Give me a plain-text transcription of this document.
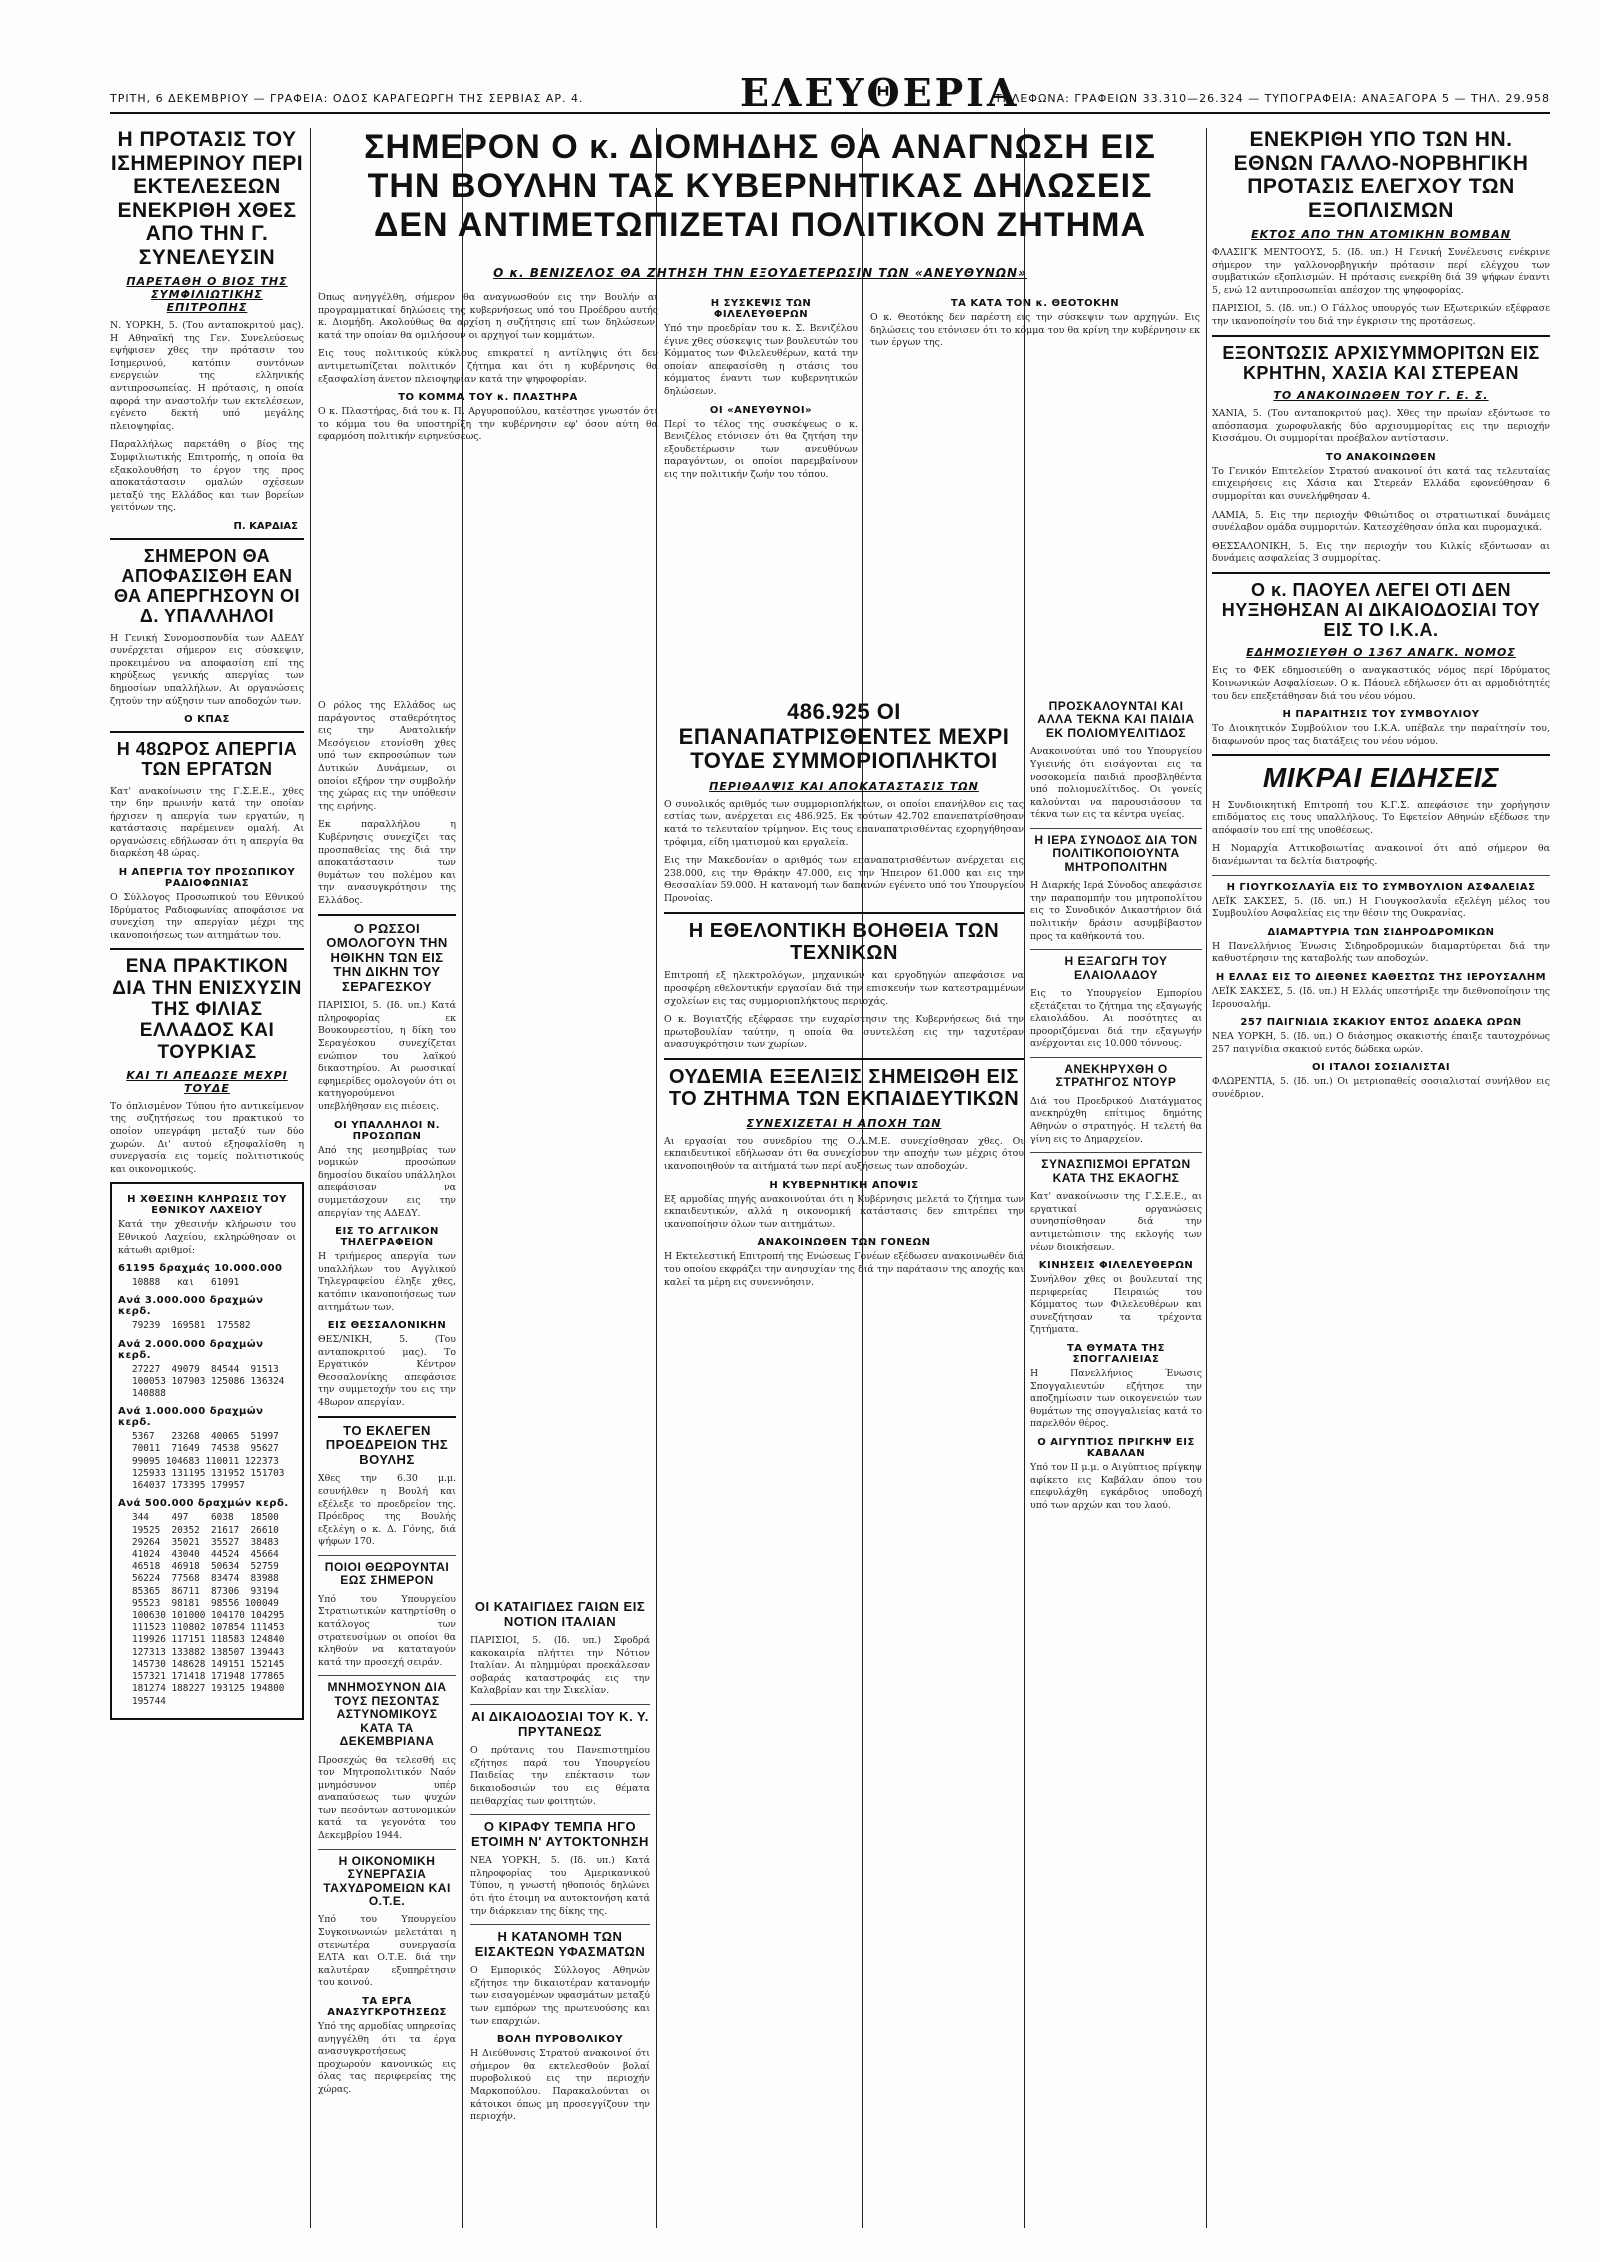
ΤΡΙΤΗ, 6 ΔΕΚΕΜΒΡΙΟΥ — ΓΡΑΦΕΙΑ: ΟΔΟΣ ΚΑΡΑΓΕΩΡΓΗ ΤΗΣ ΣΕΡΒΙΑΣ ΑΡ. 4.	ΕΛΕΥΘΕΡΙΑ
ΤΗΛΕΦΩΝΑ: ΓΡΑΦΕΙΩΝ 33.310—26.324 — ΤΥΠΟΓΡΑΦΕΙΑ: ΑΝΑΞΑΓΟΡΑ 5 — ΤΗΛ. 29.958
Η ΠΡΟΤΑΣΙΣ ΤΟΥ ΙΣΗΜΕΡΙΝΟΥ ΠΕΡΙ ΕΚΤΕΛΕΣΕΩΝ ΕΝΕΚΡΙΘΗ ΧΘΕΣ ΑΠΟ ΤΗΝ Γ. ΣΥΝΕΛΕΥΣΙΝ
ΠΑΡΕΤΑΘΗ Ο ΒΙΟΣ ΤΗΣ ΣΥΜΦΙΛΙΩΤΙΚΗΣ ΕΠΙΤΡΟΠΗΣ

Ν. ΥΟΡΚΗ, 5. (Του ανταποκριτού μας). Η Αθηναϊκή της Γεν. Συνελεύσεως εψήφισεν χθες την πρότασιν του Ισημερινού, κατόπιν συντόνων ενεργειών της ελληνικής αντιπροσωπείας. Η πρότασις, η οποία αφορά την αναστολήν των εκτελέσεων, εγένετο δεκτή υπό μεγάλης πλειοψηφίας.

Παραλλήλως παρετάθη ο βίος της Συμφιλιωτικής Επιτροπής, η οποία θα εξακολουθήση το έργον της προς αποκατάστασιν ομαλών σχέσεων μεταξύ της Ελλάδος και των βορείων γειτόνων της.

Π. ΚΑΡΔΙΑΣ
ΣΗΜΕΡΟΝ ΘΑ ΑΠΟΦΑΣΙΣΘΗ ΕΑΝ ΘΑ ΑΠΕΡΓΗΣΟΥΝ ΟΙ Δ. ΥΠΑΛΛΗΛΟΙ

Η Γενική Συνομοσπονδία των ΑΔΕΔΥ συνέρχεται σήμερον εις σύσκεψιν, προκειμένου να αποφασίση επί της κηρύξεως γενικής απεργίας των δημοσίων υπαλλήλων. Αι οργανώσεις ζητούν την αύξησιν των αποδοχών των.

Ο ΚΠΑΣ
Η 48ΩΡΟΣ ΑΠΕΡΓΙΑ ΤΩΝ ΕΡΓΑΤΩΝ

Κατ' ανακοίνωσιν της Γ.Σ.Ε.Ε., χθες την 6ην πρωινήν κατά την οποίαν ήρχισεν η απεργία των εργατών, η κατάστασις παρέμεινεν ομαλή. Αι οργανώσεις εδήλωσαν ότι η απεργία θα διαρκέση 48 ώρας.

Η ΑΠΕΡΓΙΑ ΤΟΥ ΠΡΟΣΩΠΙΚΟΥ ΡΑΔΙΟΦΩΝΙΑΣ

Ο Σύλλογος Προσωπικού του Εθνικού Ιδρύματος Ραδιοφωνίας αποφάσισε να συνεχίση την απεργίαν μέχρι της ικανοποιήσεως των αιτημάτων του.

ΕΝΑ ΠΡΑΚΤΙΚΟΝ ΔΙΑ ΤΗΝ ΕΝΙΣΧΥΣΙΝ ΤΗΣ ΦΙΛΙΑΣ ΕΛΛΑΔΟΣ ΚΑΙ ΤΟΥΡΚΙΑΣ
ΚΑΙ ΤΙ ΑΠΕΔΩΣΕ ΜΕΧΡΙ ΤΟΥΔΕ

Το όπλισμένον Τύπου ήτο αντικείμενον της συζητήσεως του πρακτικού το οποίον υπεγράφη μεταξύ των δύο χωρών. Δι' αυτού εξησφαλίσθη η συνεργασία εις τομείς πολιτιστικούς και οικονομικούς.

Η ΧΘΕΣΙΝΗ ΚΛΗΡΩΣΙΣ ΤΟΥ ΕΘΝΙΚΟΥ ΛΑΧΕΙΟΥ

Κατά την χθεσινήν κλήρωσιν του Εθνικού Λαχείου, εκληρώθησαν οι κάτωθι αριθμοί:

61195 δραχμάς 10.000.000
10888   και   61091
Ανά 3.000.000 δραχμών κερδ.
79239  169581  175582
Ανά 2.000.000 δραχμών κερδ.
27227  49079  84544  91513
100053 107903 125086 136324
140888
Ανά 1.000.000 δραχμών κερδ.
5367   23268  40065  51997
70011  71649  74538  95627
99095 104683 110011 122373
125933 131195 131952 151703
164037 173395 179957
Ανά 500.000 δραχμών κερδ.
344    497    6038   18500
19525  20352  21617  26610
29264  35021  35527  38483
41024  43040  44524  45664
46518  46918  50634  52759
56224  77568  83474  83988
85365  86711  87306  93194
95523  98181  98556 100049
100630 101000 104170 104295
111523 110802 107854 111453
119926 117151 118583 124840
127313 133882 138507 139443
145730 148628 149151 152145
157321 171418 171948 177865
181274 188227 193125 194800
195744
ΣΗΜΕΡΟΝ Ο κ. ΔΙΟΜΗΔΗΣ ΘΑ ΑΝΑΓΝΩΣΗ ΕΙΣ
ΤΗΝ ΒΟΥΛΗΝ ΤΑΣ ΚΥΒΕΡΝΗΤΙΚΑΣ ΔΗΛΩΣΕΙΣ
ΔΕΝ ΑΝΤΙΜΕΤΩΠΙΖΕΤΑΙ ΠΟΛΙΤΙΚΟΝ ΖΗΤΗΜΑ
Ο κ. ΒΕΝΙΖΕΛΟΣ ΘΑ ΖΗΤΗΣΗ ΤΗΝ ΕΞΟΥΔΕΤΕΡΩΣΙΝ ΤΩΝ «ΑΝΕΥΘΥΝΩΝ»

Όπως ανηγγέλθη, σήμερον θα αναγνωσθούν εις την Βουλήν αι προγραμματικαί δηλώσεις της κυβερνήσεως υπό του Προέδρου αυτής κ. Διομήδη. Ακολούθως θα αρχίση η συζήτησις επί των δηλώσεων, κατά την οποίαν θα ομιλήσουν οι αρχηγοί των κομμάτων.

Εις τους πολιτικούς κύκλους επικρατεί η αντίληψις ότι δεν αντιμετωπίζεται πολιτικόν ζήτημα και ότι η κυβέρνησις θα εξασφαλίση άνετον πλειοψηφίαν κατά την ψηφοφορίαν.

ΤΟ ΚΟΜΜΑ ΤΟΥ κ. ΠΛΑΣΤΗΡΑ

Ο κ. Πλαστήρας, διά του κ. Π. Αργυροπούλου, κατέστησε γνωστόν ότι το κόμμα του θα υποστηρίξη την κυβέρνησιν εφ' όσον αύτη θα εφαρμόση πολιτικήν ειρηνεύσεως.

Η ΣΥΣΚΕΨΙΣ ΤΩΝ ΦΙΛΕΛΕΥΘΕΡΩΝ

Υπό την προεδρίαν του κ. Σ. Βενιζέλου έγινε χθες σύσκεψις των βουλευτών του Κόμματος των Φιλελευθέρων, κατά την οποίαν απεφασίσθη η στάσις του κόμματος έναντι των κυβερνητικών δηλώσεων.

ΟΙ «ΑΝΕΥΘΥΝΟΙ»

Περί το τέλος της συσκέψεως ο κ. Βενιζέλος ετόνισεν ότι θα ζητήση την εξουδετέρωσιν των ανευθύνων παραγόντων, οι οποίοι παρεμβαίνουν εις την πολιτικήν ζωήν του τόπου.

ΤΑ ΚΑΤΑ ΤΟΝ κ. ΘΕΟΤΟΚΗΝ

Ο κ. Θεοτόκης δεν παρέστη εις την σύσκεψιν των αρχηγών. Εις δηλώσεις του ετόνισεν ότι το κόμμα του θα κρίνη την κυβέρνησιν εκ των έργων της.

Ο ρόλος της Ελλάδος ως παράγοντος σταθερότητος εις την Ανατολικήν Μεσόγειον ετονίσθη χθες υπό των εκπροσώπων των Δυτικών Δυνάμεων, οι οποίοι εξήρον την συμβολήν της χώρας εις την υπόθεσιν της ειρήνης.

Εκ παραλλήλου η Κυβέρνησις συνεχίζει τας προσπαθείας της διά την αποκατάστασιν των θυμάτων του πολέμου και την ανασυγκρότησιν της Ελλάδος.

Ο ΡΩΣΣΟΙ ΟΜΟΛΟΓΟΥΝ ΤΗΝ ΗΘΙΚΗΝ ΤΩΝ ΕΙΣ ΤΗΝ ΔΙΚΗΝ ΤΟΥ ΣΕΡΑΓΕΣΚΟΥ

ΠΑΡΙΣΙΟΙ, 5. (Ιδ. υπ.) Κατά πληροφορίας εκ Βουκουρεστίου, η δίκη του Σεραγέσκου συνεχίζεται ενώπιον του λαϊκού δικαστηρίου. Αι ρωσσικαί εφημερίδες ομολογούν ότι οι κατηγορούμενοι υπεβλήθησαν εις πιέσεις.

ΟΙ ΥΠΑΛΛΗΛΟΙ Ν. ΠΡΟΣΩΠΩΝ

Από της μεσημβρίας των νομικών προσώπων δημοσίου δικαίου υπάλληλοι απεφάσισαν να συμμετάσχουν εις την απεργίαν της ΑΔΕΔΥ.

ΕΙΣ ΤΟ ΑΓΓΛΙΚΟΝ ΤΗΛΕΓΡΑΦΕΙΟΝ

Η τριήμερος απεργία των υπαλλήλων του Αγγλικού Τηλεγραφείου έληξε χθες, κατόπιν ικανοποιήσεως των αιτημάτων των.

ΕΙΣ ΘΕΣΣΑΛΟΝΙΚΗΝ

ΘΕΣ/ΝΙΚΗ, 5. (Του ανταποκριτού μας). Το Εργατικόν Κέντρον Θεσσαλονίκης απεφάσισε την συμμετοχήν του εις την 48ωρον απεργίαν.

ΤΟ ΕΚΛΕΓΕΝ ΠΡΟΕΔΡΕΙΟΝ ΤΗΣ ΒΟΥΛΗΣ

Χθες την 6.30 μ.μ. εσυνήλθεν η Βουλή και εξέλεξε το προεδρείον της. Πρόεδρος της Βουλής εξελέγη ο κ. Δ. Γόνης, διά ψήφων 170.

ΠΟΙΟΙ ΘΕΩΡΟΥΝΤΑΙ ΕΩΣ ΣΗΜΕΡΟΝ

Υπό του Υπουργείου Στρατιωτικών κατηρτίσθη ο κατάλογος των στρατευσίμων οι οποίοι θα κληθούν να καταταγούν κατά την προσεχή σειράν.

ΜΝΗΜΟΣΥΝΟΝ ΔΙΑ ΤΟΥΣ ΠΕΣΟΝΤΑΣ ΑΣΤΥΝΟΜΙΚΟΥΣ ΚΑΤΑ ΤΑ ΔΕΚΕΜΒΡΙΑΝΑ

Προσεχώς θα τελεσθή εις τον Μητροπολιτικόν Ναόν μνημόσυνον υπέρ αναπαύσεως των ψυχών των πεσόντων αστυνομικών κατά τα γεγονότα του Δεκεμβρίου 1944.

Η ΟΙΚΟΝΟΜΙΚΗ ΣΥΝΕΡΓΑΣΙΑ ΤΑΧΥΔΡΟΜΕΙΩΝ ΚΑΙ Ο.Τ.Ε.

Υπό του Υπουργείου Συγκοινωνιών μελετάται η στενωτέρα συνεργασία ΕΛΤΑ και Ο.Τ.Ε. διά την καλυτέραν εξυπηρέτησιν του κοινού.

ΤΑ ΕΡΓΑ ΑΝΑΣΥΓΚΡΟΤΗΣΕΩΣ

Υπό της αρμοδίας υπηρεσίας ανηγγέλθη ότι τα έργα ανασυγκροτήσεως προχωρούν κανονικώς εις όλας τας περιφερείας της χώρας.

ΟΙ ΚΑΤΑΙΓΙΔΕΣ ΓΑΙΩΝ ΕΙΣ ΝΟΤΙΟΝ ΙΤΑΛΙΑΝ

ΠΑΡΙΣΙΟΙ, 5. (Ιδ. υπ.) Σφοδρά κακοκαιρία πλήττει την Νότιον Ιταλίαν. Αι πλημμύραι προεκάλεσαν σοβαράς καταστροφάς εις την Καλαβρίαν και την Σικελίαν.

ΑΙ ΔΙΚΑΙΟΔΟΣΙΑΙ ΤΟΥ Κ. Υ. ΠΡΥΤΑΝΕΩΣ

Ο πρύτανις του Πανεπιστημίου εζήτησε παρά του Υπουργείου Παιδείας την επέκτασιν των δικαιοδοσιών του εις θέματα πειθαρχίας των φοιτητών.

Ο ΚΙΡΑΦΥ ΤΕΜΠΑ ΗΓΟ ΕΤΟΙΜΗ Ν' ΑΥΤΟΚΤΟΝΗΣΗ

ΝΕΑ ΥΟΡΚΗ, 5. (Ιδ. υπ.) Κατά πληροφορίας του Αμερικανικού Τύπου, η γνωστή ηθοποιός δηλώνει ότι ήτο έτοιμη να αυτοκτονήση κατά την διάρκειαν της δίκης της.

Η ΚΑΤΑΝΟΜΗ ΤΩΝ ΕΙΣΑΚΤΕΩΝ ΥΦΑΣΜΑΤΩΝ

Ο Εμπορικός Σύλλογος Αθηνών εζήτησε την δικαιοτέραν κατανομήν των εισαγομένων υφασμάτων μεταξύ των εμπόρων της πρωτευούσης και των επαρχιών.

ΒΟΛΗ ΠΥΡΟΒΟΛΙΚΟΥ

Η Διεύθυνσις Στρατού ανακοινοί ότι σήμερον θα εκτελεσθούν βολαί πυροβολικού εις την περιοχήν Μαρκοπούλου. Παρακαλούνται οι κάτοικοι όπως μη προσεγγίζουν την περιοχήν.

486.925 ΟΙ ΕΠΑΝΑΠΑΤΡΙΣΘΕΝΤΕΣ ΜΕΧΡΙ ΤΟΥΔΕ ΣΥΜΜΟΡΙΟΠΛΗΚΤΟΙ
ΠΕΡΙΘΑΛΨΙΣ ΚΑΙ ΑΠΟΚΑΤΑΣΤΑΣΙΣ ΤΩΝ

Ο συνολικός αριθμός των συμμοριοπλήκτων, οι οποίοι επανήλθον εις τας εστίας των, ανέρχεται εις 486.925. Εκ τούτων 42.702 επανεπατρίσθησαν κατά το τελευταίον τρίμηνον. Εις τους επαναπατρισθέντας εχορηγήθησαν τρόφιμα, είδη ιματισμού και εργαλεία.

Εις την Μακεδονίαν ο αριθμός των επαναπατρισθέντων ανέρχεται εις 238.000, εις την Θράκην 47.000, εις την Ήπειρον 61.000 και εις την Θεσσαλίαν 59.000. Η κατανομή των δαπανών εγένετο υπό του Υπουργείου Προνοίας.

Η ΕΘΕΛΟΝΤΙΚΗ ΒΟΗΘΕΙΑ ΤΩΝ ΤΕΧΝΙΚΩΝ

Επιτροπή εξ ηλεκτρολόγων, μηχανικών και εργοδηγών απεφάσισε να προσφέρη εθελοντικήν εργασίαν διά την επισκευήν των κατεστραμμένων σχολείων εις τας συμμοριοπλήκτους περιοχάς.

Ο κ. Βογιατζής εξέφρασε την ευχαρίστησιν της Κυβερνήσεως διά την πρωτοβουλίαν ταύτην, η οποία θα συντελέση εις την ταχυτέραν ανασυγκρότησιν των χωρίων.

ΟΥΔΕΜΙΑ ΕΞΕΛΙΞΙΣ ΣΗΜΕΙΩΘΗ ΕΙΣ ΤΟ ΖΗΤΗΜΑ ΤΩΝ ΕΚΠΑΙΔΕΥΤΙΚΩΝ
ΣΥΝΕΧΙΖΕΤΑΙ Η ΑΠΟΧΗ ΤΩΝ

Αι εργασίαι του συνεδρίου της Ο.Λ.Μ.Ε. συνεχίσθησαν χθες. Οι εκπαιδευτικοί εδήλωσαν ότι θα συνεχίσουν την αποχήν των μέχρις ότου ικανοποιηθούν τα αιτήματά των περί αυξήσεως των αποδοχών.

Η ΚΥΒΕΡΝΗΤΙΚΗ ΑΠΟΨΙΣ

Εξ αρμοδίας πηγής ανακοινούται ότι η Κυβέρνησις μελετά το ζήτημα των εκπαιδευτικών, αλλά η οικονομική κατάστασις δεν επιτρέπει την ικανοποίησιν όλων των αιτημάτων.

ΑΝΑΚΟΙΝΩΘΕΝ ΤΩΝ ΓΟΝΕΩΝ

Η Εκτελεστική Επιτροπή της Ενώσεως Γονέων εξέδωσεν ανακοινωθέν διά του οποίου εκφράζει την ανησυχίαν της διά την παράτασιν της αποχής και καλεί τα μέρη εις συνεννόησιν.

ΠΡΟΣΚΑΛΟΥΝΤΑΙ ΚΑΙ ΑΛΛΑ ΤΕΚΝΑ ΚΑΙ ΠΑΙΔΙΑ ΕΚ ΠΟΛΙΟΜΥΕΛΙΤΙΔΟΣ

Ανακοινούται υπό του Υπουργείου Υγιεινής ότι εισάγονται εις τα νοσοκομεία παιδιά προσβληθέντα υπό πολιομυελίτιδος. Οι γονείς καλούνται να παρουσιάσουν τα τέκνα των εις τα κέντρα υγείας.

Η ΙΕΡΑ ΣΥΝΟΔΟΣ ΔΙΑ ΤΟΝ ΠΟΛΙΤΙΚΟΠΟΙΟΥΝΤΑ ΜΗΤΡΟΠΟΛΙΤΗΝ

Η Διαρκής Ιερά Σύνοδος απεφάσισε την παραπομπήν του μητροπολίτου εις το Συνοδικόν Δικαστήριον διά πολιτικήν δράσιν ασυμβίβαστον προς τα καθήκοντά του.

Η ΕΞΑΓΩΓΗ ΤΟΥ ΕΛΑΙΟΛΑΔΟΥ

Εις το Υπουργείον Εμπορίου εξετάζεται το ζήτημα της εξαγωγής ελαιολάδου. Αι ποσότητες αι προοριζόμεναι διά την εξαγωγήν ανέρχονται εις 10.000 τόννους.

ΑΝΕΚΗΡΥΧΘΗ Ο ΣΤΡΑΤΗΓΟΣ ΝΤΟΥΡ

Διά του Προεδρικού Διατάγματος ανεκηρύχθη επίτιμος δημότης Αθηνών ο στρατηγός. Η τελετή θα γίνη εις το Δημαρχείον.

ΣΥΝΑΣΠΙΣΜΟΙ ΕΡΓΑΤΩΝ ΚΑΤΑ ΤΗΣ ΕΚΑΟΓΗΣ

Κατ' ανακοίνωσιν της Γ.Σ.Ε.Ε., αι εργατικαί οργανώσεις συνησπίσθησαν διά την αντιμετώπισιν της εκλογής των νέων διοικήσεων.

ΚΙΝΗΣΕΙΣ ΦΙΛΕΛΕΥΘΕΡΩΝ

Συνήλθον χθες οι βουλευταί της περιφερείας Πειραιώς του Κόμματος των Φιλελευθέρων και συνεζήτησαν τα τρέχοντα ζητήματα.

ΤΑ ΘΥΜΑΤΑ ΤΗΣ ΣΠΟΓΓΑΛΙΕΙΑΣ

Η Πανελλήνιος Ένωσις Σπογγαλιευτών εζήτησε την αποζημίωσιν των οικογενειών των θυμάτων της σπογγαλιείας κατά το παρελθόν θέρος.

Ο ΑΙΓΥΠΤΙΟΣ ΠΡΙΓΚΗΨ ΕΙΣ ΚΑΒΑΛΑΝ

Υπό τον ΙΙ μ.μ. ο Αιγύπτιος πρίγκηψ αφίκετο εις Καβάλαν όπου του επεφυλάχθη εγκάρδιος υποδοχή υπό των αρχών και του λαού.

ΕΝΕΚΡΙΘΗ ΥΠΟ ΤΩΝ ΗΝ. ΕΘΝΩΝ ΓΑΛΛΟ-ΝΟΡΒΗΓΙΚΗ ΠΡΟΤΑΣΙΣ ΕΛΕΓΧΟΥ ΤΩΝ ΕΞΟΠΛΙΣΜΩΝ
ΕΚΤΟΣ ΑΠΟ ΤΗΝ ΑΤΟΜΙΚΗΝ ΒΟΜΒΑΝ

ΦΛΑΣΙΓΚ ΜΕΝΤΟΟΥΣ, 5. (Ιδ. υπ.) Η Γενική Συνέλευσις ενέκρινε σήμερον την γαλλονορβηγικήν πρότασιν περί ελέγχου των συμβατικών εξοπλισμών. Η πρότασις ενεκρίθη διά 39 ψήφων έναντι 5, ενώ 12 αντιπροσωπείαι απέσχον της ψηφοφορίας.

ΠΑΡΙΣΙΟΙ, 5. (Ιδ. υπ.) Ο Γάλλος υπουργός των Εξωτερικών εξέφρασε την ικανοποίησίν του διά την έγκρισιν της προτάσεως.

ΕΞΟΝΤΩΣΙΣ ΑΡΧΙΣΥΜΜΟΡΙΤΩΝ ΕΙΣ ΚΡΗΤΗΝ, ΧΑΣΙΑ ΚΑΙ ΣΤΕΡΕΑΝ
ΤΟ ΑΝΑΚΟΙΝΩΘΕΝ ΤΟΥ Γ. Ε. Σ.

ΧΑΝΙΑ, 5. (Του ανταποκριτού μας). Χθες την πρωίαν εξόντωσε το απόσπασμα χωροφυλακής δύο αρχισυμμορίτας εις την περιοχήν Κισσάμου. Οι συμμορίται προέβαλον αντίστασιν.

ΤΟ ΑΝΑΚΟΙΝΩΘΕΝ

Το Γενικόν Επιτελείον Στρατού ανακοινοί ότι κατά τας τελευταίας επιχειρήσεις εις Χάσια και Στερεάν Ελλάδα εφονεύθησαν 6 συμμορίται και συνελήφθησαν 4.

ΛΑΜΙΑ, 5. Εις την περιοχήν Φθιώτιδος οι στρατιωτικαί δυνάμεις συνέλαβον ομάδα συμμοριτών. Κατεσχέθησαν όπλα και πυρομαχικά.

ΘΕΣΣΑΛΟΝΙΚΗ, 5. Εις την περιοχήν του Κιλκίς εξόντωσαν αι δυνάμεις ασφαλείας 3 συμμορίτας.

Ο κ. ΠΑΟΥΕΛ ΛΕΓΕΙ ΟΤΙ ΔΕΝ ΗΥΞΗΘΗΣΑΝ ΑΙ ΔΙΚΑΙΟΔΟΣΙΑΙ ΤΟΥ ΕΙΣ ΤΟ Ι.Κ.Α.
ΕΔΗΜΟΣΙΕΥΘΗ Ο 1367 ΑΝΑΓΚ. ΝΟΜΟΣ

Εις το ΦΕΚ εδημοσιεύθη ο αναγκαστικός νόμος περί Ιδρύματος Κοινωνικών Ασφαλίσεων. Ο κ. Πάουελ εδήλωσεν ότι αι αρμοδιότητές του δεν επεξετάθησαν διά του νέου νόμου.

Η ΠΑΡΑΙΤΗΣΙΣ ΤΟΥ ΣΥΜΒΟΥΛΙΟΥ

Το Διοικητικόν Συμβούλιον του Ι.Κ.Α. υπέβαλε την παραίτησίν του, διαφωνούν προς τας διατάξεις του νέου νόμου.

ΜΙΚΡΑΙ ΕΙΔΗΣΕΙΣ

Η Συνδιοικητική Επιτροπή του Κ.Γ.Σ. απεφάσισε την χορήγησιν επιδόματος εις τους υπαλλήλους. Το Εφετείον Αθηνών εξέδωσε την απόφασίν του επί της υποθέσεως.

Η Νομαρχία Αττικοβοιωτίας ανακοινοί ότι από σήμερον θα διανέμωνται τα δελτία διατροφής.

Η ΓΙΟΥΓΚΟΣΛΑΥΪΑ ΕΙΣ ΤΟ ΣΥΜΒΟΥΛΙΟΝ ΑΣΦΑΛΕΙΑΣ

ΛΕΪΚ ΣΑΚΣΕΣ, 5. (Ιδ. υπ.) Η Γιουγκοσλαυΐα εξελέγη μέλος του Συμβουλίου Ασφαλείας εις την θέσιν της Ουκρανίας.

ΔΙΑΜΑΡΤΥΡΙΑ ΤΩΝ ΣΙΔΗΡΟΔΡΟΜΙΚΩΝ

Η Πανελλήνιος Ένωσις Σιδηροδρομικών διαμαρτύρεται διά την καθυστέρησιν της καταβολής των αποδοχών.

Η ΕΛΛΑΣ ΕΙΣ ΤΟ ΔΙΕΘΝΕΣ ΚΑΘΕΣΤΩΣ ΤΗΣ ΙΕΡΟΥΣΑΛΗΜ

ΛΕΪΚ ΣΑΚΣΕΣ, 5. (Ιδ. υπ.) Η Ελλάς υπεστήριξε την διεθνοποίησιν της Ιερουσαλήμ.

257 ΠΑΙΓΝΙΔΙΑ ΣΚΑΚΙΟΥ ΕΝΤΟΣ ΔΩΔΕΚΑ ΩΡΩΝ

ΝΕΑ ΥΟΡΚΗ, 5. (Ιδ. υπ.) Ο διάσημος σκακιστής έπαιξε ταυτοχρόνως 257 παιγνίδια σκακιού εντός δώδεκα ωρών.

ΟΙ ΙΤΑΛΟΙ ΣΟΣΙΑΛΙΣΤΑΙ

ΦΛΩΡΕΝΤΙΑ, 5. (Ιδ. υπ.) Οι μετριοπαθείς σοσιαλισταί συνήλθον εις συνέδριον.
